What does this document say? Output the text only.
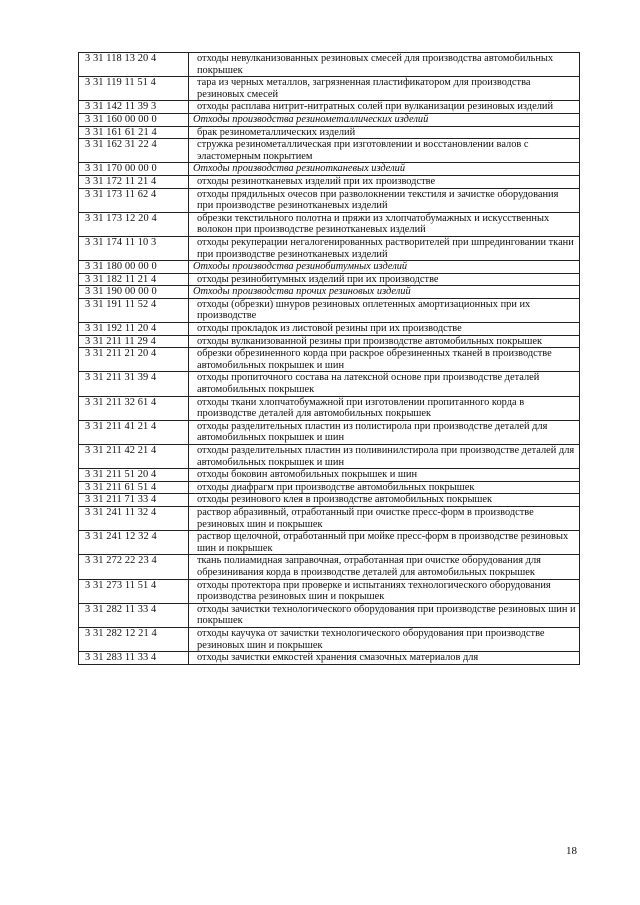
3 31 118 13 20 4	отходы невулканизованных резиновых смесей для производства автомобильных покрышек
3 31 119 11 51 4	тара из черных металлов, загрязненная пластификатором для производства резиновых смесей
3 31 142 11 39 3	отходы расплава нитрит-нитратных солей при вулканизации резиновых изделий
3 31 160 00 00 0	Отходы производства резинометаллических изделий
3 31 161 61 21 4	брак резинометаллических изделий
3 31 162 31 22 4	стружка резинометаллическая при изготовлении и восстановлении валов с эластомерным покрытием
3 31 170 00 00 0	Отходы производства резинотканевых изделий
3 31 172 11 21 4	отходы резинотканевых изделий при их производстве
3 31 173 11 62 4	отходы прядильных очесов при разволокнении текстиля и зачистке оборудования при производстве резинотканевых изделий
3 31 173 12 20 4	обрезки текстильного полотна и пряжи из хлопчатобумажных и искусственных волокон при производстве резинотканевых изделий
3 31 174 11 10 3	отходы рекуперации негалогенированных растворителей при шпрединговании ткани при производстве резинотканевых изделий
3 31 180 00 00 0	Отходы производства резинобитумных изделий
3 31 182 11 21 4	отходы резинобитумных изделий при их производстве
3 31 190 00 00 0	Отходы производства прочих резиновых изделий
3 31 191 11 52 4	отходы (обрезки) шнуров резиновых оплетенных амортизационных при их производстве
3 31 192 11 20 4	отходы прокладок из листовой резины при их производстве
3 31 211 11 29 4	отходы вулканизованной резины при производстве автомобильных покрышек
3 31 211 21 20 4	обрезки обрезиненного корда при раскрое обрезиненных тканей в производстве автомобильных покрышек и шин
3 31 211 31 39 4	отходы пропиточного состава на латексной основе при производстве деталей автомобильных покрышек
3 31 211 32 61 4	отходы ткани хлопчатобумажной при изготовлении пропитанного корда в производстве деталей для автомобильных покрышек
3 31 211 41 21 4	отходы разделительных пластин из полистирола при производстве деталей для автомобильных покрышек и шин
3 31 211 42 21 4	отходы разделительных пластин из поливинилстирола при производстве деталей для автомобильных покрышек и шин
3 31 211 51 20 4	отходы боковин автомобильных покрышек и шин
3 31 211 61 51 4	отходы диафрагм при производстве автомобильных покрышек
3 31 211 71 33 4	отходы резинового клея в производстве автомобильных покрышек
3 31 241 11 32 4	раствор абразивный, отработанный при очистке пресс-форм в производстве резиновых шин и покрышек
3 31 241 12 32 4	раствор щелочной, отработанный при мойке пресс-форм в производстве резиновых шин и покрышек
3 31 272 22 23 4	ткань полиамидная заправочная, отработанная при очистке оборудования для обрезинивания корда в производстве деталей для автомобильных покрышек
3 31 273 11 51 4	отходы протектора при проверке и испытаниях технологического оборудования производства резиновых шин и покрышек
3 31 282 11 33 4	отходы зачистки технологического оборудования при производстве резиновых шин и покрышек
3 31 282 12 21 4	отходы каучука от зачистки технологического оборудования при производстве резиновых шин и покрышек
3 31 283 11 33 4	отходы зачистки емкостей хранения смазочных материалов для
18
